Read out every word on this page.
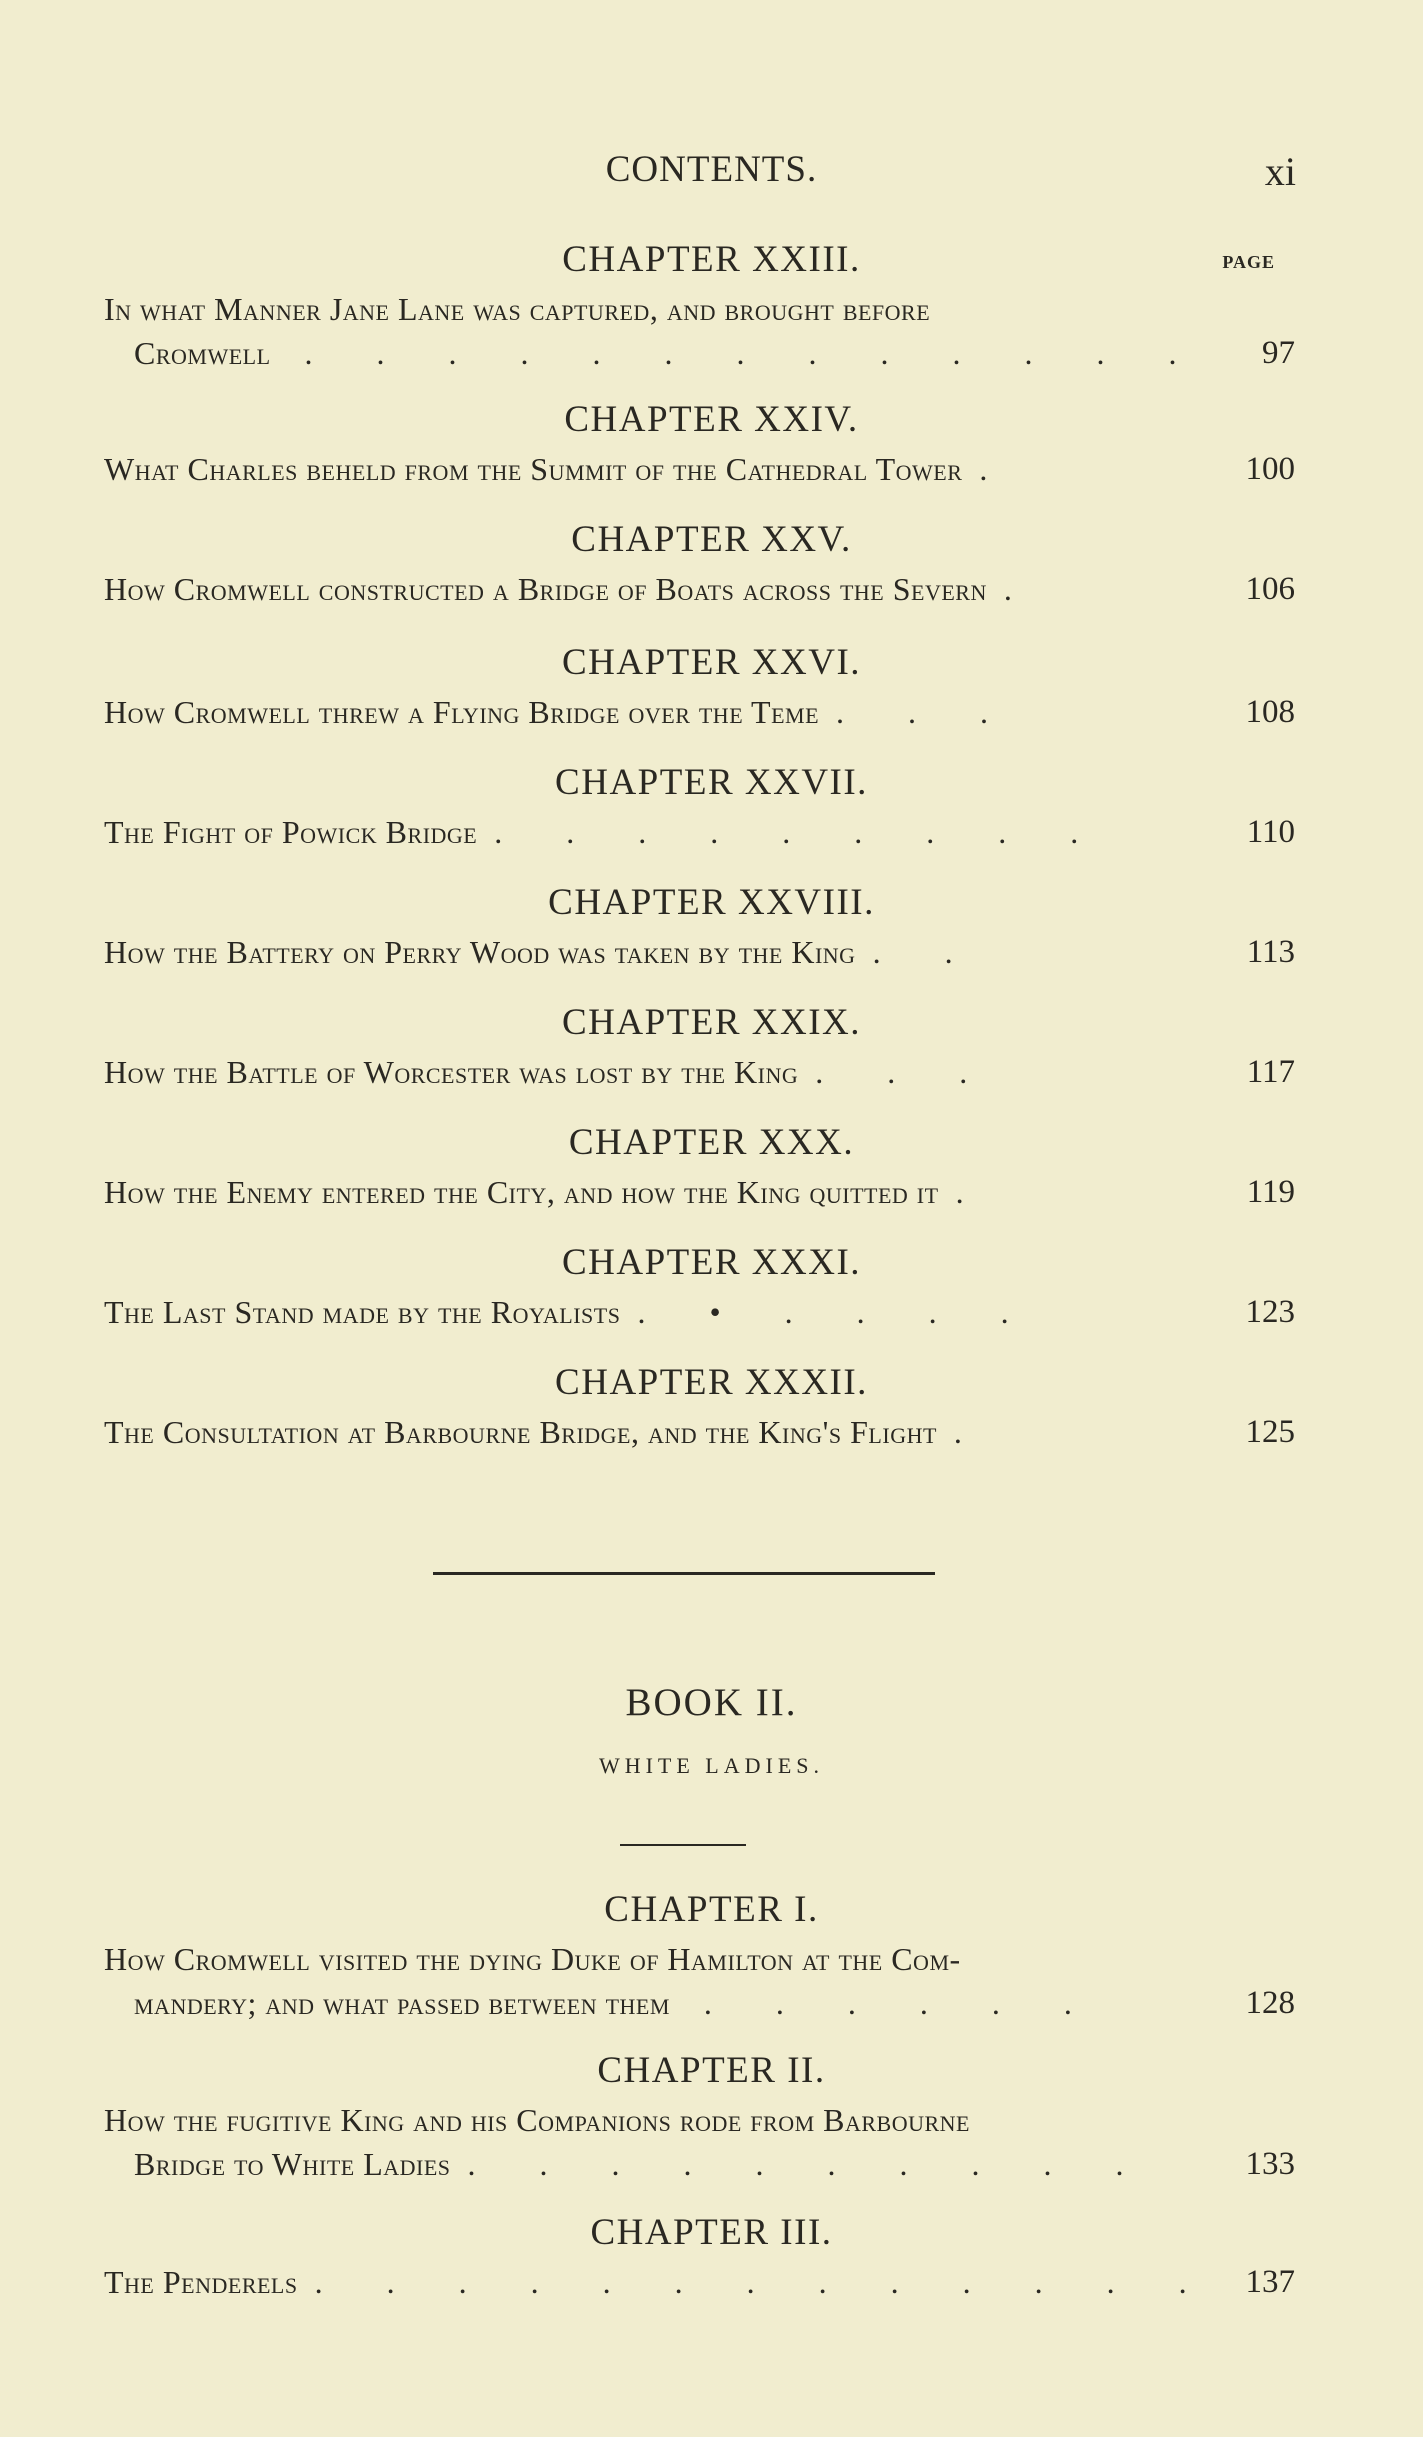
CONTENTS.	xi
CHAPTER XXIII.	PAGE
In what Manner Jane Lane was captured, and brought before
Cromwell . . . . . . . . . . . . . 97
CHAPTER XXIV.
What Charles beheld from the Summit of the Cathedral Tower .	100
CHAPTER XXV.
How Cromwell constructed a Bridge of Boats across the Severn .	106
CHAPTER XXVI.
How Cromwell threw a Flying Bridge over the Teme . . .	108
CHAPTER XXVII.
The Fight of Powick Bridge . . . . . . . . .	110
CHAPTER XXVIII.
How the Battery on Perry Wood was taken by the King . .	113
CHAPTER XXIX.
How the Battle of Worcester was lost by the King . . .	117
CHAPTER XXX.
How the Enemy entered the City, and how the King quitted it .	119
CHAPTER XXXI.
The Last Stand made by the Royalists . • . . . .	123
CHAPTER XXXII.
The Consultation at Barbourne Bridge, and the King's Flight .	125
BOOK II.
WHITE LADIES.
CHAPTER I.
How Cromwell visited the dying Duke of Hamilton at the Com-
mandery; and what passed between them . . . . . .	128
CHAPTER II.
How the fugitive King and his Companions rode from Barbourne
Bridge to White Ladies . . . . . . . . . .	133
CHAPTER III.
The Penderels . . . . . . . . . . . . . 137
